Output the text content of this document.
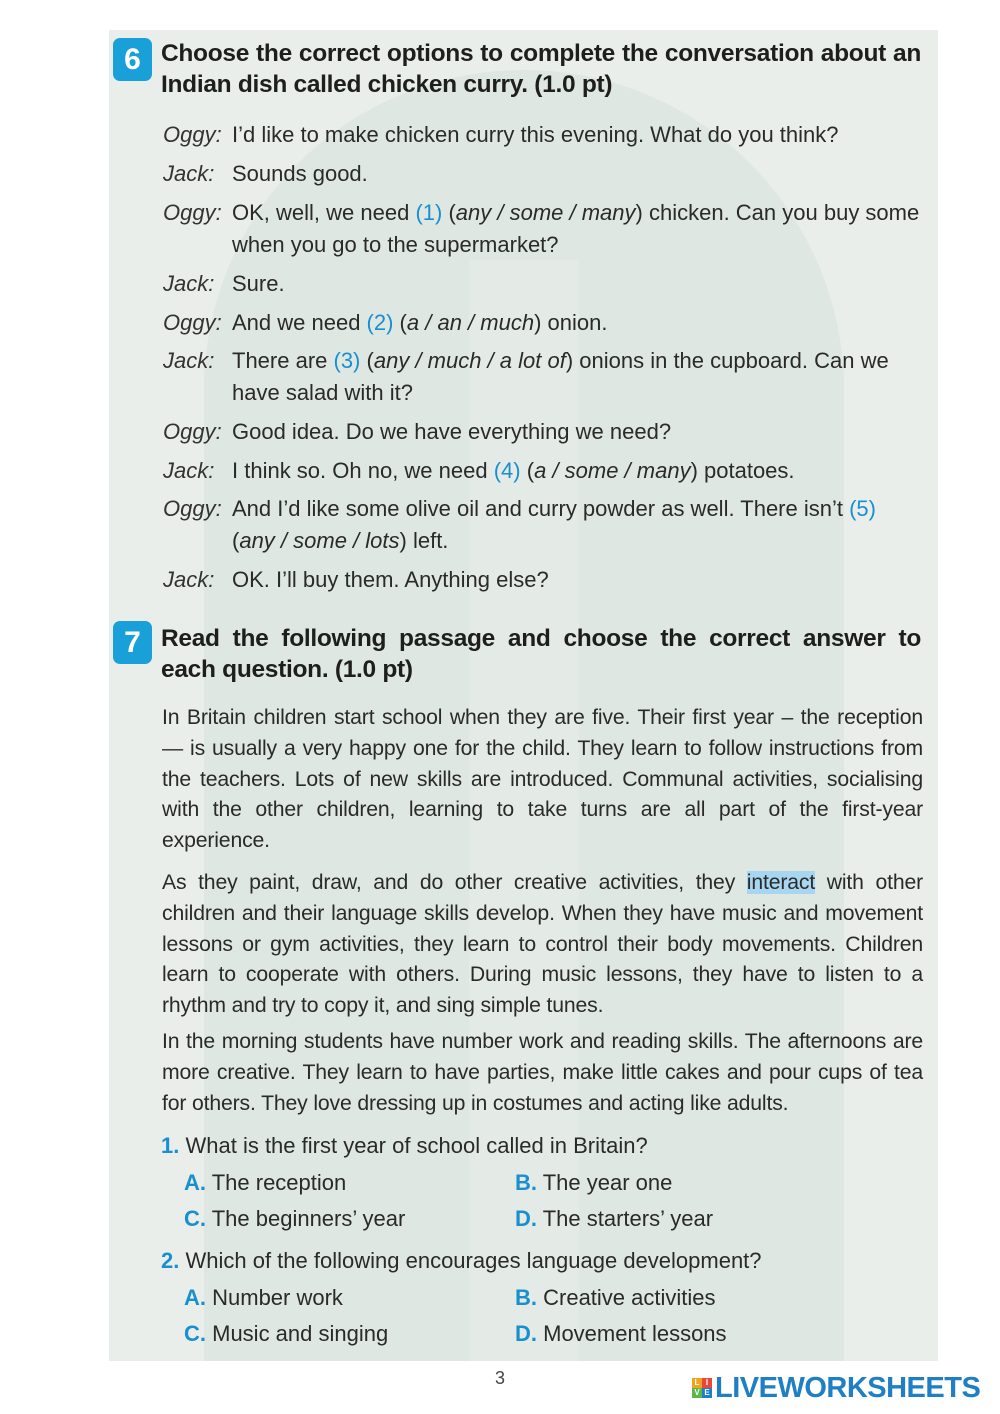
6 Choose the correct options to complete the conversation about an Indian dish called chicken curry. (1.0 pt)

Oggy: I’d like to make chicken curry this evening. What do you think?

Jack: Sounds good.

Oggy: OK, well, we need (1) (any / some / many) chicken. Can you buy some when you go to the supermarket?

Jack: Sure.

Oggy: And we need (2) (a / an / much) onion.

Jack: There are (3) (any / much / a lot of) onions in the cupboard. Can we have salad with it?

Oggy: Good idea. Do we have everything we need?

Jack: I think so. Oh no, we need (4) (a / some / many) potatoes.

Oggy: And I’d like some olive oil and curry powder as well. There isn’t (5) (any / some / lots) left.

Jack: OK. I’ll buy them. Anything else?

7 Read the following passage and choose the correct answer to each question. (1.0 pt)

In Britain children start school when they are five. Their first year – the reception — is usually a very happy one for the child. They learn to follow instructions from the teachers. Lots of new skills are introduced. Communal activities, socialising with the other children, learning to take turns are all part of the first-year experience.

As they paint, draw, and do other creative activities, they interact with other children and their language skills develop. When they have music and movement lessons or gym activities, they learn to control their body movements. Children learn to cooperate with others. During music lessons, they have to listen to a rhythm and try to copy it, and sing simple tunes.

In the morning students have number work and reading skills. The afternoons are more creative. They learn to have parties, make little cakes and pour cups of tea for others. They love dressing up in costumes and acting like adults.

1. What is the first year of school called in Britain?
A. The reception	B. The year one
C. The beginners’ year	D. The starters’ year
2. Which of the following encourages language development?
A. Number work	B. Creative activities
C. Music and singing	D. Movement lessons
3	L I
V E LIVEWORKSHEETS
